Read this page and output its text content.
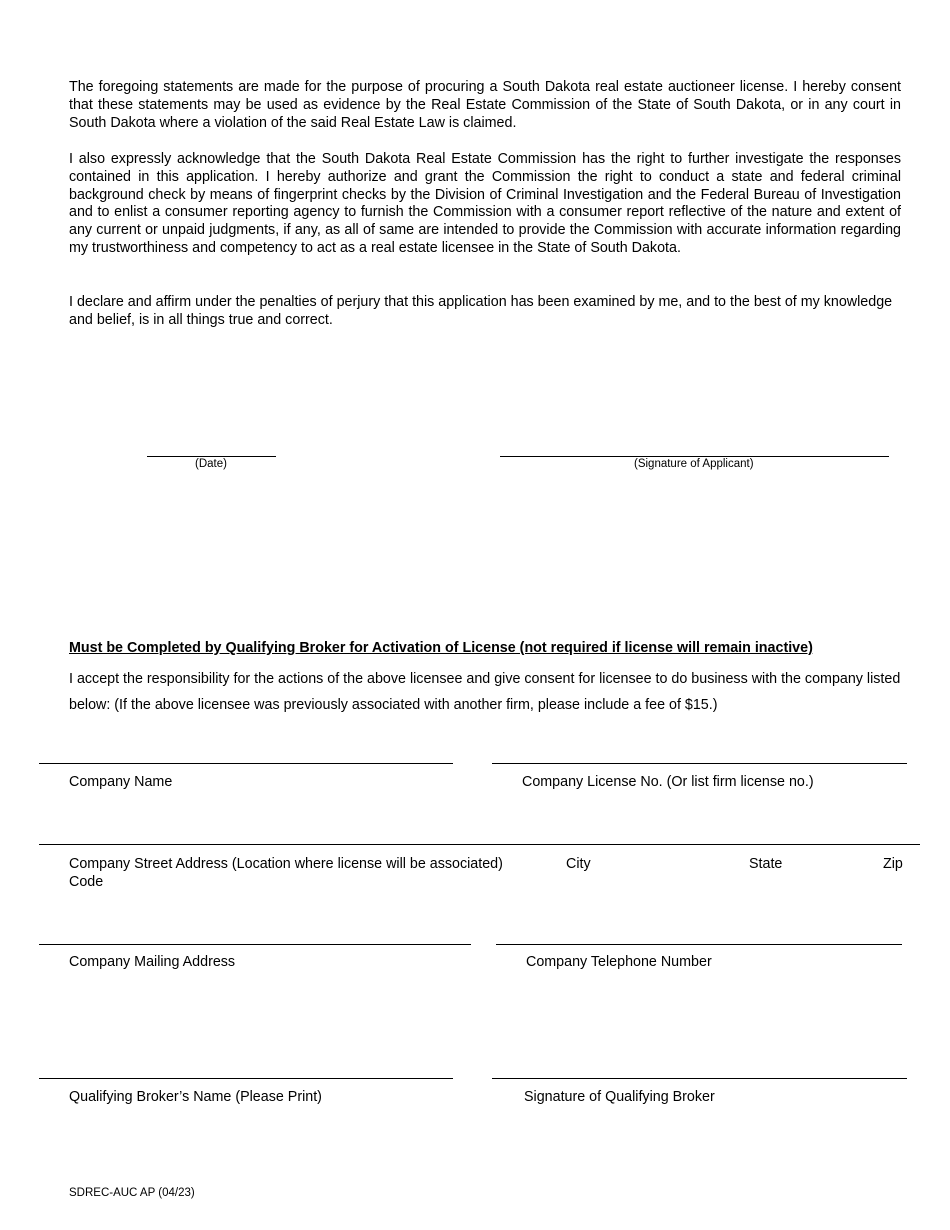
The foregoing statements are made for the purpose of procuring a South Dakota real estate auctioneer license. I hereby consent that these statements may be used as evidence by the Real Estate Commission of the State of South Dakota, or in any court in South Dakota where a violation of the said Real Estate Law is claimed.

I also expressly acknowledge that the South Dakota Real Estate Commission has the right to further investigate the responses contained in this application. I hereby authorize and grant the Commission the right to conduct a state and federal criminal background check by means of fingerprint checks by the Division of Criminal Investigation and the Federal Bureau of Investigation and to enlist a consumer reporting agency to furnish the Commission with a consumer report reflective of the nature and extent of any current or unpaid judgments, if any, as all of same are intended to provide the Commission with accurate information regarding my trustworthiness and competency to act as a real estate licensee in the State of South Dakota.

I declare and affirm under the penalties of perjury that this application has been examined by me, and to the best of my knowledge and belief, is in all things true and correct.

(Date)	(Signature of Applicant)
Must be Completed by Qualifying Broker for Activation of License (not required if license will remain inactive)
I accept the responsibility for the actions of the above licensee and give consent for licensee to do business with the company listed below: (If the above licensee was previously associated with another firm, please include a fee of $15.)
Company Name	Company License No. (Or list firm license no.)
Company Street Address (Location where license will be associated)	City	State	Zip
Code
Company Mailing Address	Company Telephone Number
Qualifying Broker’s Name (Please Print)	Signature of Qualifying Broker
SDREC-AUC AP (04/23)
